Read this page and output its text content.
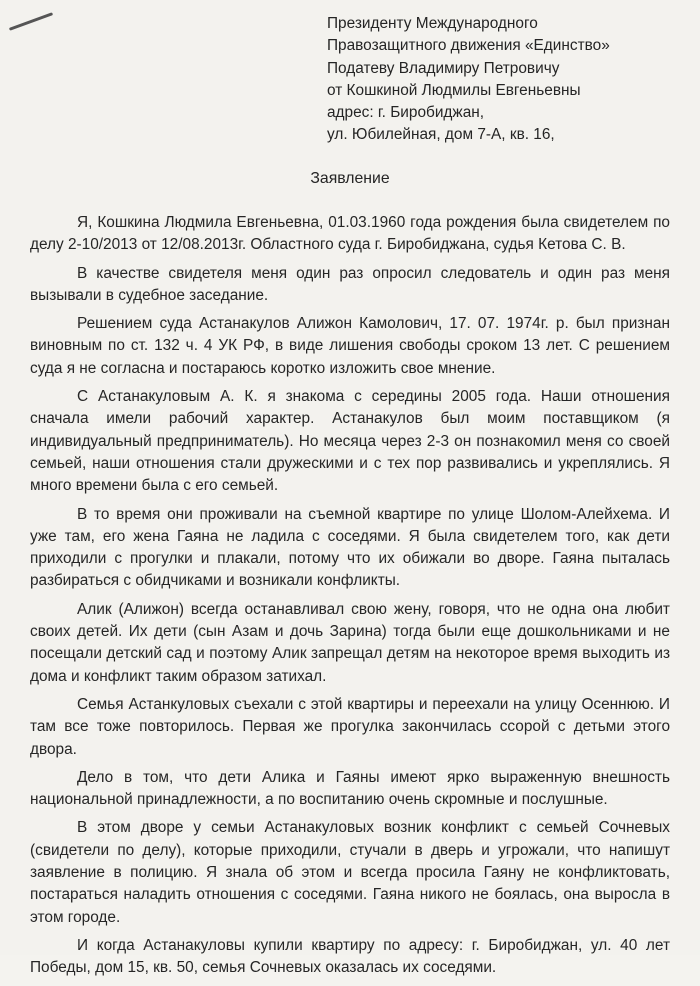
Президенту Международного
Правозащитного движения «Единство»
Податеву Владимиру Петровичу
от Кошкиной Людмилы Евгеньевны
адрес: г. Биробиджан,
ул. Юбилейная, дом 7-А, кв. 16,
Заявление

Я, Кошкина Людмила Евгеньевна, 01.03.1960 года рождения была свидетелем по делу 2-10/2013 от 12/08.2013г. Областного суда г. Биробиджана, судья Кетова С. В.

В качестве свидетеля меня один раз опросил следователь и один раз меня вызывали в судебное заседание.

Решением суда Астанакулов Алижон Камолович, 17. 07. 1974г. р. был признан виновным по ст. 132 ч. 4 УК РФ, в виде лишения свободы сроком 13 лет. С решением суда я не согласна и постараюсь коротко изложить свое мнение.

С Астанакуловым А. К. я знакома с середины 2005 года. Наши отношения сначала имели рабочий характер. Астанакулов был моим поставщиком (я индивидуальный предприниматель). Но месяца через 2-3 он познакомил меня со своей семьей, наши отношения стали дружескими и с тех пор развивались и укреплялись. Я много времени была с его семьей.

В то время они проживали на съемной квартире по улице Шолом-Алейхема. И уже там, его жена Гаяна не ладила с соседями. Я была свидетелем того, как дети приходили с прогулки и плакали, потому что их обижали во дворе. Гаяна пыталась разбираться с обидчиками и возникали конфликты.

Алик (Алижон) всегда останавливал свою жену, говоря, что не одна она любит своих детей. Их дети (сын Азам и дочь Зарина) тогда были еще дошкольниками и не посещали детский сад и поэтому Алик запрещал детям на некоторое время выходить из дома и конфликт таким образом затихал.

Семья Астанкуловых съехали с этой квартиры и переехали на улицу Осеннюю. И там все тоже повторилось. Первая же прогулка закончилась ссорой с детьми этого двора.

Дело в том, что дети Алика и Гаяны имеют ярко выраженную внешность национальной принадлежности, а по воспитанию очень скромные и послушные.

В этом дворе у семьи Астанакуловых возник конфликт с семьей Сочневых (свидетели по делу), которые приходили, стучали в дверь и угрожали, что напишут заявление в полицию. Я знала об этом и всегда просила Гаяну не конфликтовать, постараться наладить отношения с соседями. Гаяна никого не боялась, она выросла в этом городе.

И когда Астанакуловы купили квартиру по адресу: г. Биробиджан, ул. 40 лет Победы, дом 15, кв. 50, семья Сочневых оказалась их соседями.
